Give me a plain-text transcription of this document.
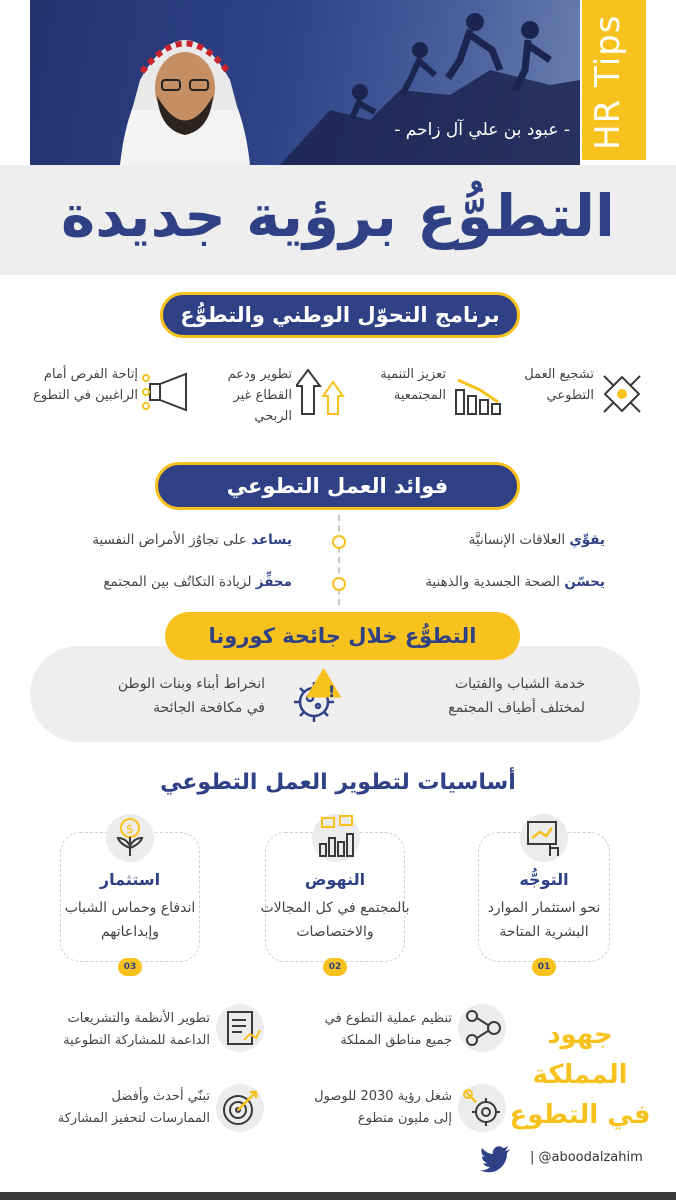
- عبود بن علي آل زاحم - HR Tips
التطوُّع برؤية جديدة
برنامج التحوّل الوطني والتطوُّع
تشجيع العمل التطوعي
تعزيز التنمية المجتمعية
تطوير ودعم القطاع غير الربحي
إتاحة الفرص أمام الراغبين في التطوع
فوائد العمل التطوعي
يقوِّي العلاقات الإنسانيَّة
يحسّن الصحة الجسدية والذهنية
يساعد على تجاوُز الأمراض النفسية
محفِّز لزيادة التكاتُف بين المجتمع
التطوُّع خلال جائحة كورونا
خدمة الشباب والفتيات
لمختلف أطياف المجتمع
!
انخراط أبناء وبنات الوطن
في مكافحة الجائحة
أساسيات لتطوير العمل التطوعي
التوجُّه
نحو استثمار الموارد
البشرية المتاحة
01
النهوض
بالمجتمع في كل المجالات
والاختصاصات
02
$
استثمار
اندفاع وحماس الشباب
وإبداعاتهم
03
جهود
المملكة
في التطوع
تنظيم عملية التطوع في
جميع مناطق المملكة
تطوير الأنظمة والتشريعات
الداعمة للمشاركة التطوعية
شغل رؤية 2030 للوصول
إلى مليون متطوع
تبنّي أحدث وأفضل
الممارسات لتحفيز المشاركة
| @aboodalzahim
